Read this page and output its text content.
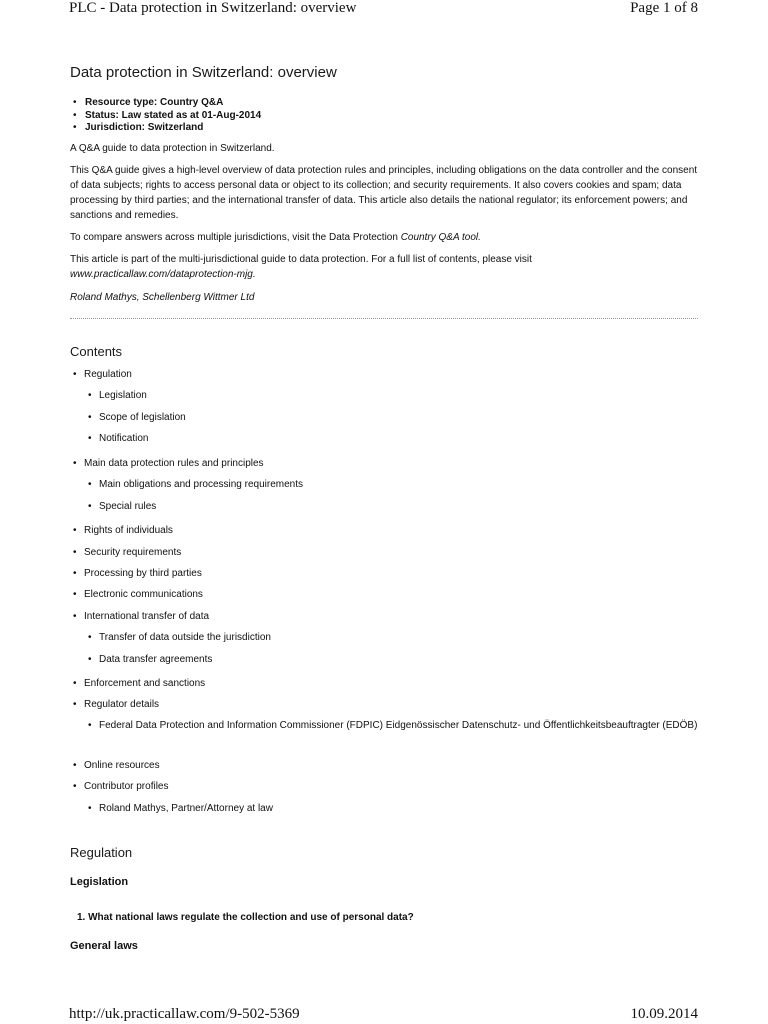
PLC - Data protection in Switzerland: overview	Page 1 of 8
Data protection in Switzerland: overview
• Resource type: Country Q&A
• Status: Law stated as at 01-Aug-2014
• Jurisdiction: Switzerland

A Q&A guide to data protection in Switzerland.

This Q&A guide gives a high-level overview of data protection rules and principles, including obligations on the data controller and the consent of data subjects; rights to access personal data or object to its collection; and security requirements. It also covers cookies and spam; data processing by third parties; and the international transfer of data. This article also details the national regulator; its enforcement powers; and sanctions and remedies.

To compare answers across multiple jurisdictions, visit the Data Protection Country Q&A tool.

This article is part of the multi-jurisdictional guide to data protection. For a full list of contents, please visit
www.practicallaw.com/dataprotection-mjg.

Roland Mathys, Schellenberg Wittmer Ltd

Contents
• Regulation
• Legislation
• Scope of legislation
• Notification
• Main data protection rules and principles
• Main obligations and processing requirements
• Special rules
• Rights of individuals
• Security requirements
• Processing by third parties
• Electronic communications
• International transfer of data
• Transfer of data outside the jurisdiction
• Data transfer agreements
• Enforcement and sanctions
• Regulator details
• Federal Data Protection and Information Commissioner (FDPIC) Eidgenössischer Datenschutz- und Öffentlichkeitsbeauftragter (EDÖB)
• Online resources
• Contributor profiles
• Roland Mathys, Partner/Attorney at law
Regulation
Legislation
1. What national laws regulate the collection and use of personal data?
General laws
http://uk.practicallaw.com/9-502-5369	10.09.2014
